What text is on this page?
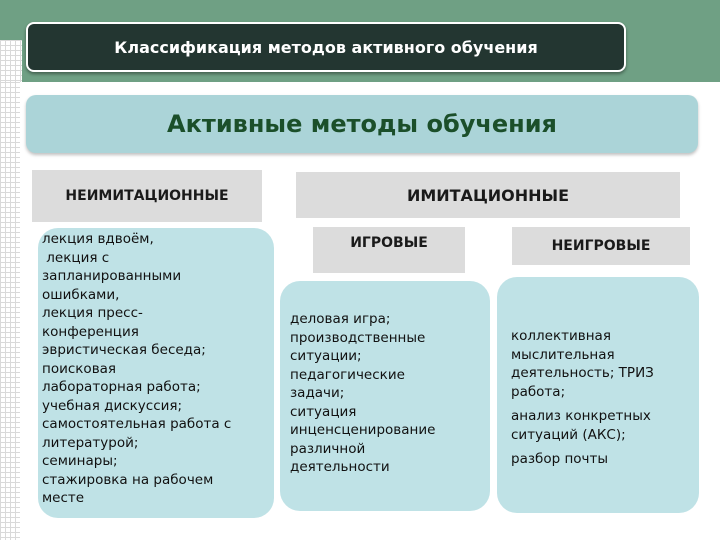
Классификация методов активного обучения
Активные методы обучения
НЕИМИТАЦИОННЫЕ	ИМИТАЦИОННЫЕ
ИГРОВЫЕ	НЕИГРОВЫЕ

лекция вдвоём,

лекция с

запланированными

ошибками,

лекция пресс-

конференция

эвристическая беседа;

поисковая

лабораторная работа;

учебная дискуссия;

самостоятельная работа с

литературой;

семинары;

стажировка на рабочем

месте

деловая игра;

производственные

ситуации;

педагогические

задачи;

ситуация

инценсценирование

различной

деятельности

коллективная

мыслительная

деятельность; ТРИЗ

работа;

анализ конкретных

ситуаций (АКС);

разбор почты
